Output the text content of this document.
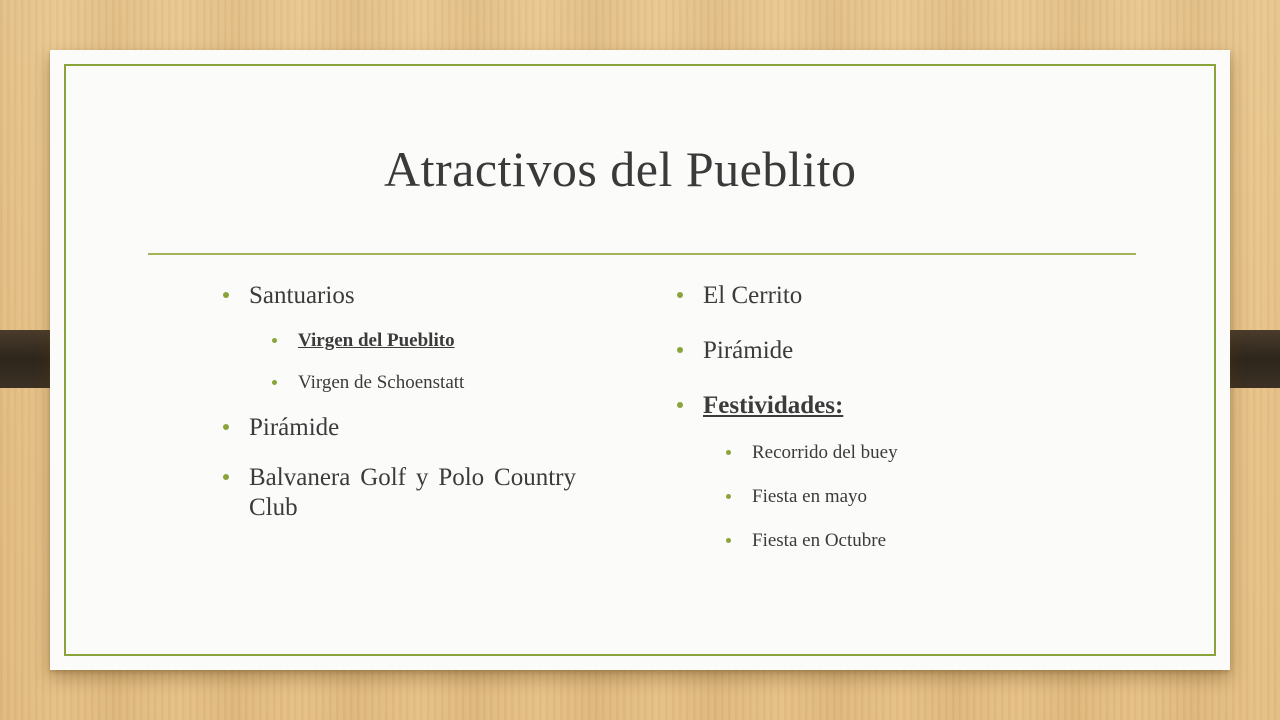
Atractivos del Pueblito
Santuarios
Virgen del Pueblito
Virgen de Schoenstatt
Pirámide
Balvanera Golf y Polo Country Club
El Cerrito
Pirámide
Festividades:
Recorrido del buey
Fiesta en mayo
Fiesta en Octubre
